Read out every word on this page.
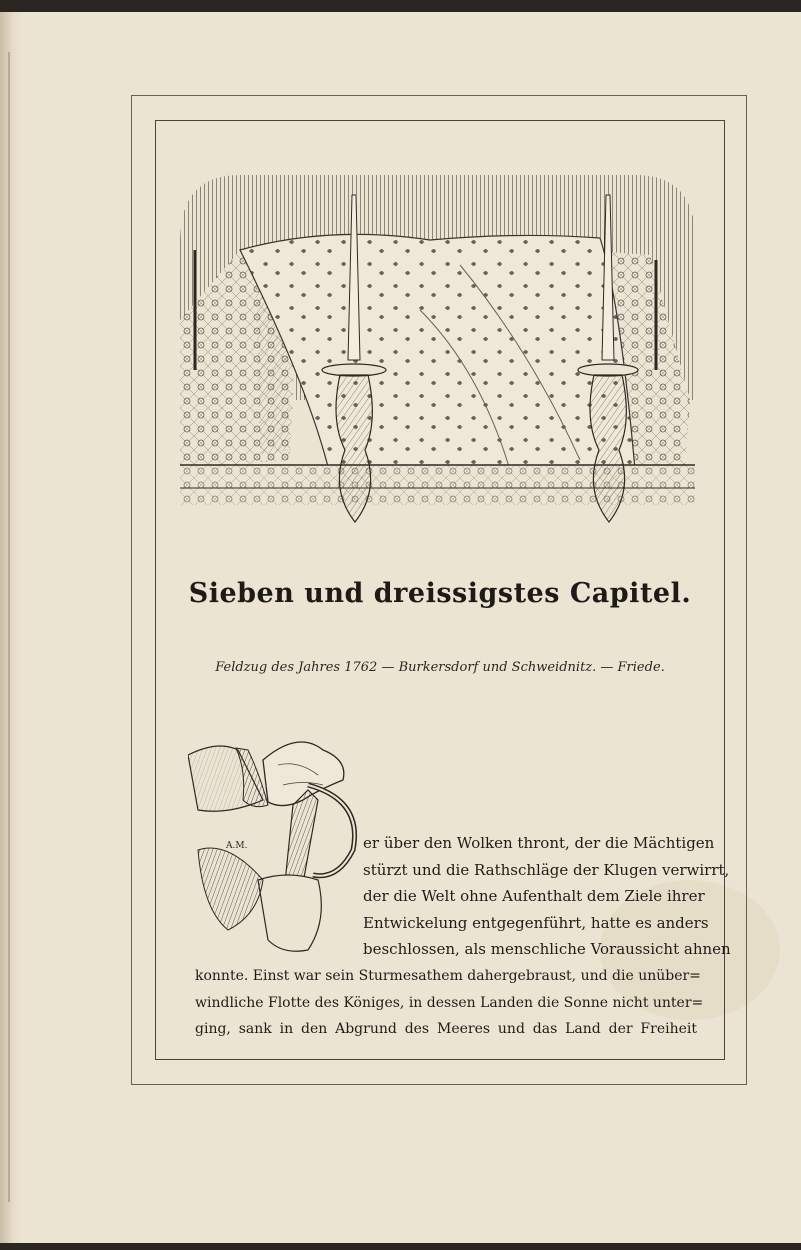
Sieben und dreissigstes Capitel.
Feldzug des Jahres 1762 — Burkersdorf und Schweidnitz. — Friede.
A.M.	er über den Wolken thront, der die Mächtigen
stürzt und die Rathschläge der Klugen verwirrt,
der die Welt ohne Aufenthalt dem Ziele ihrer
Entwickelung entgegenführt, hatte es anders
beschlossen, als menschliche Voraussicht ahnen
konnte. Einst war sein Sturmesathem dahergebraust, und die unüber=
windliche Flotte des Königes, in dessen Landen die Sonne nicht unter=
ging, sank in den Abgrund des Meeres und das Land der Freiheit
